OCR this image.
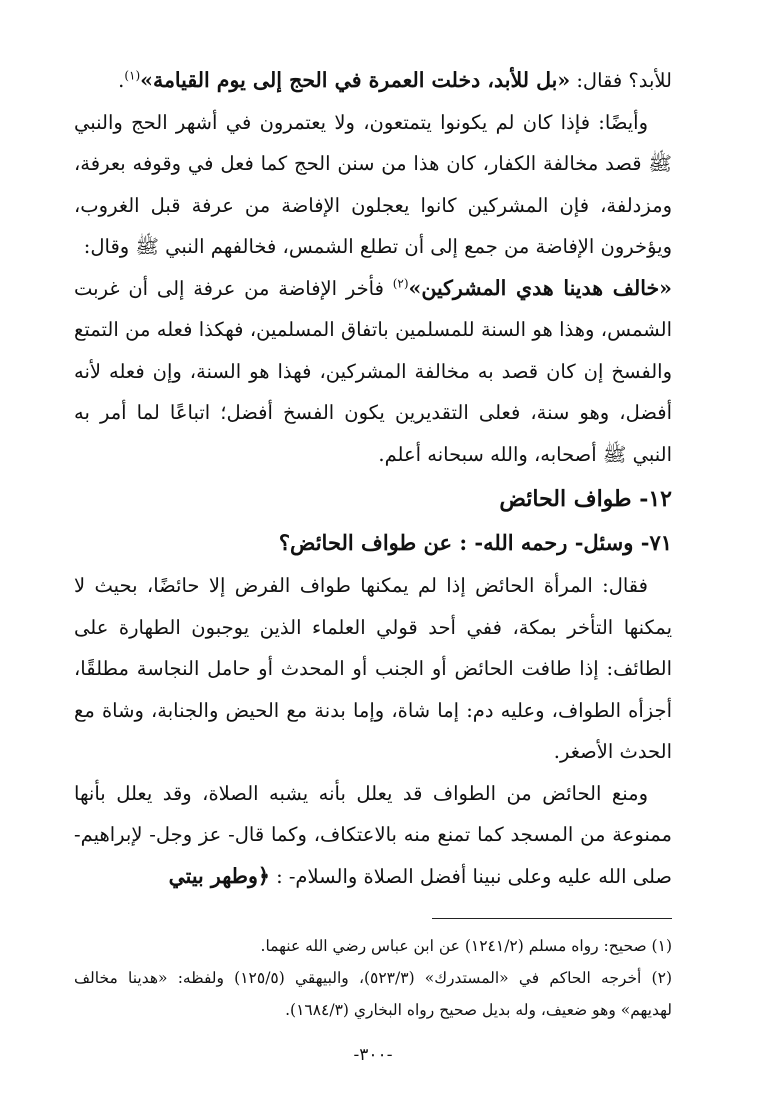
للأبد؟ فقال: «بل للأبد، دخلت العمرة في الحج إلى يوم القيامة»$^{(١)}$.

وأيضًا: فإذا كان لم يكونوا يتمتعون، ولا يعتمرون في أشهر الحج والنبي ﷺ قصد مخالفة الكفار، كان هذا من سنن الحج كما فعل في وقوفه بعرفة، ومزدلفة، فإن المشركين كانوا يعجلون الإفاضة من عرفة قبل الغروب، ويؤخرون الإفاضة من جمع إلى أن تطلع الشمس، فخالفهم النبي ﷺ وقال:

«خالف هدينا هدي المشركين»$^{(٢)}$ فأخر الإفاضة من عرفة إلى أن غربت الشمس، وهذا هو السنة للمسلمين باتفاق المسلمين، فهكذا فعله من التمتع والفسخ إن كان قصد به مخالفة المشركين، فهذا هو السنة، وإن فعله لأنه أفضل، وهو سنة، فعلى التقديرين يكون الفسخ أفضل؛ اتباعًا لما أمر به النبي ﷺ أصحابه، والله سبحانه أعلم.

١٢- طواف الحائض

٧١- وسئل- رحمه الله- : عن طواف الحائض؟

فقال: المرأة الحائض إذا لم يمكنها طواف الفرض إلا حائضًا، بحيث لا يمكنها التأخر بمكة، ففي أحد قولي العلماء الذين يوجبون الطهارة على الطائف: إذا طافت الحائض أو الجنب أو المحدث أو حامل النجاسة مطلقًا، أجزأه الطواف، وعليه دم: إما شاة، وإما بدنة مع الحيض والجنابة، وشاة مع الحدث الأصغر.

ومنع الحائض من الطواف قد يعلل بأنه يشبه الصلاة، وقد يعلل بأنها ممنوعة من المسجد كما تمنع منه بالاعتكاف، وكما قال- عز وجل- لإبراهيم- صلى الله عليه وعلى نبينا أفضل الصلاة والسلام- : ﴿وطهر بيتي

(١) صحيح: رواه مسلم (١٢٤١/٢) عن ابن عباس رضي الله عنهما.

(٢) أخرجه الحاكم في «المستدرك» (٥٢٣/٣)، والبيهقي (١٢٥/٥) ولفظه: «هدينا مخالف لهديهم» وهو ضعيف، وله بديل صحيح رواه البخاري (١٦٨٤/٣).

-٣٠٠-
